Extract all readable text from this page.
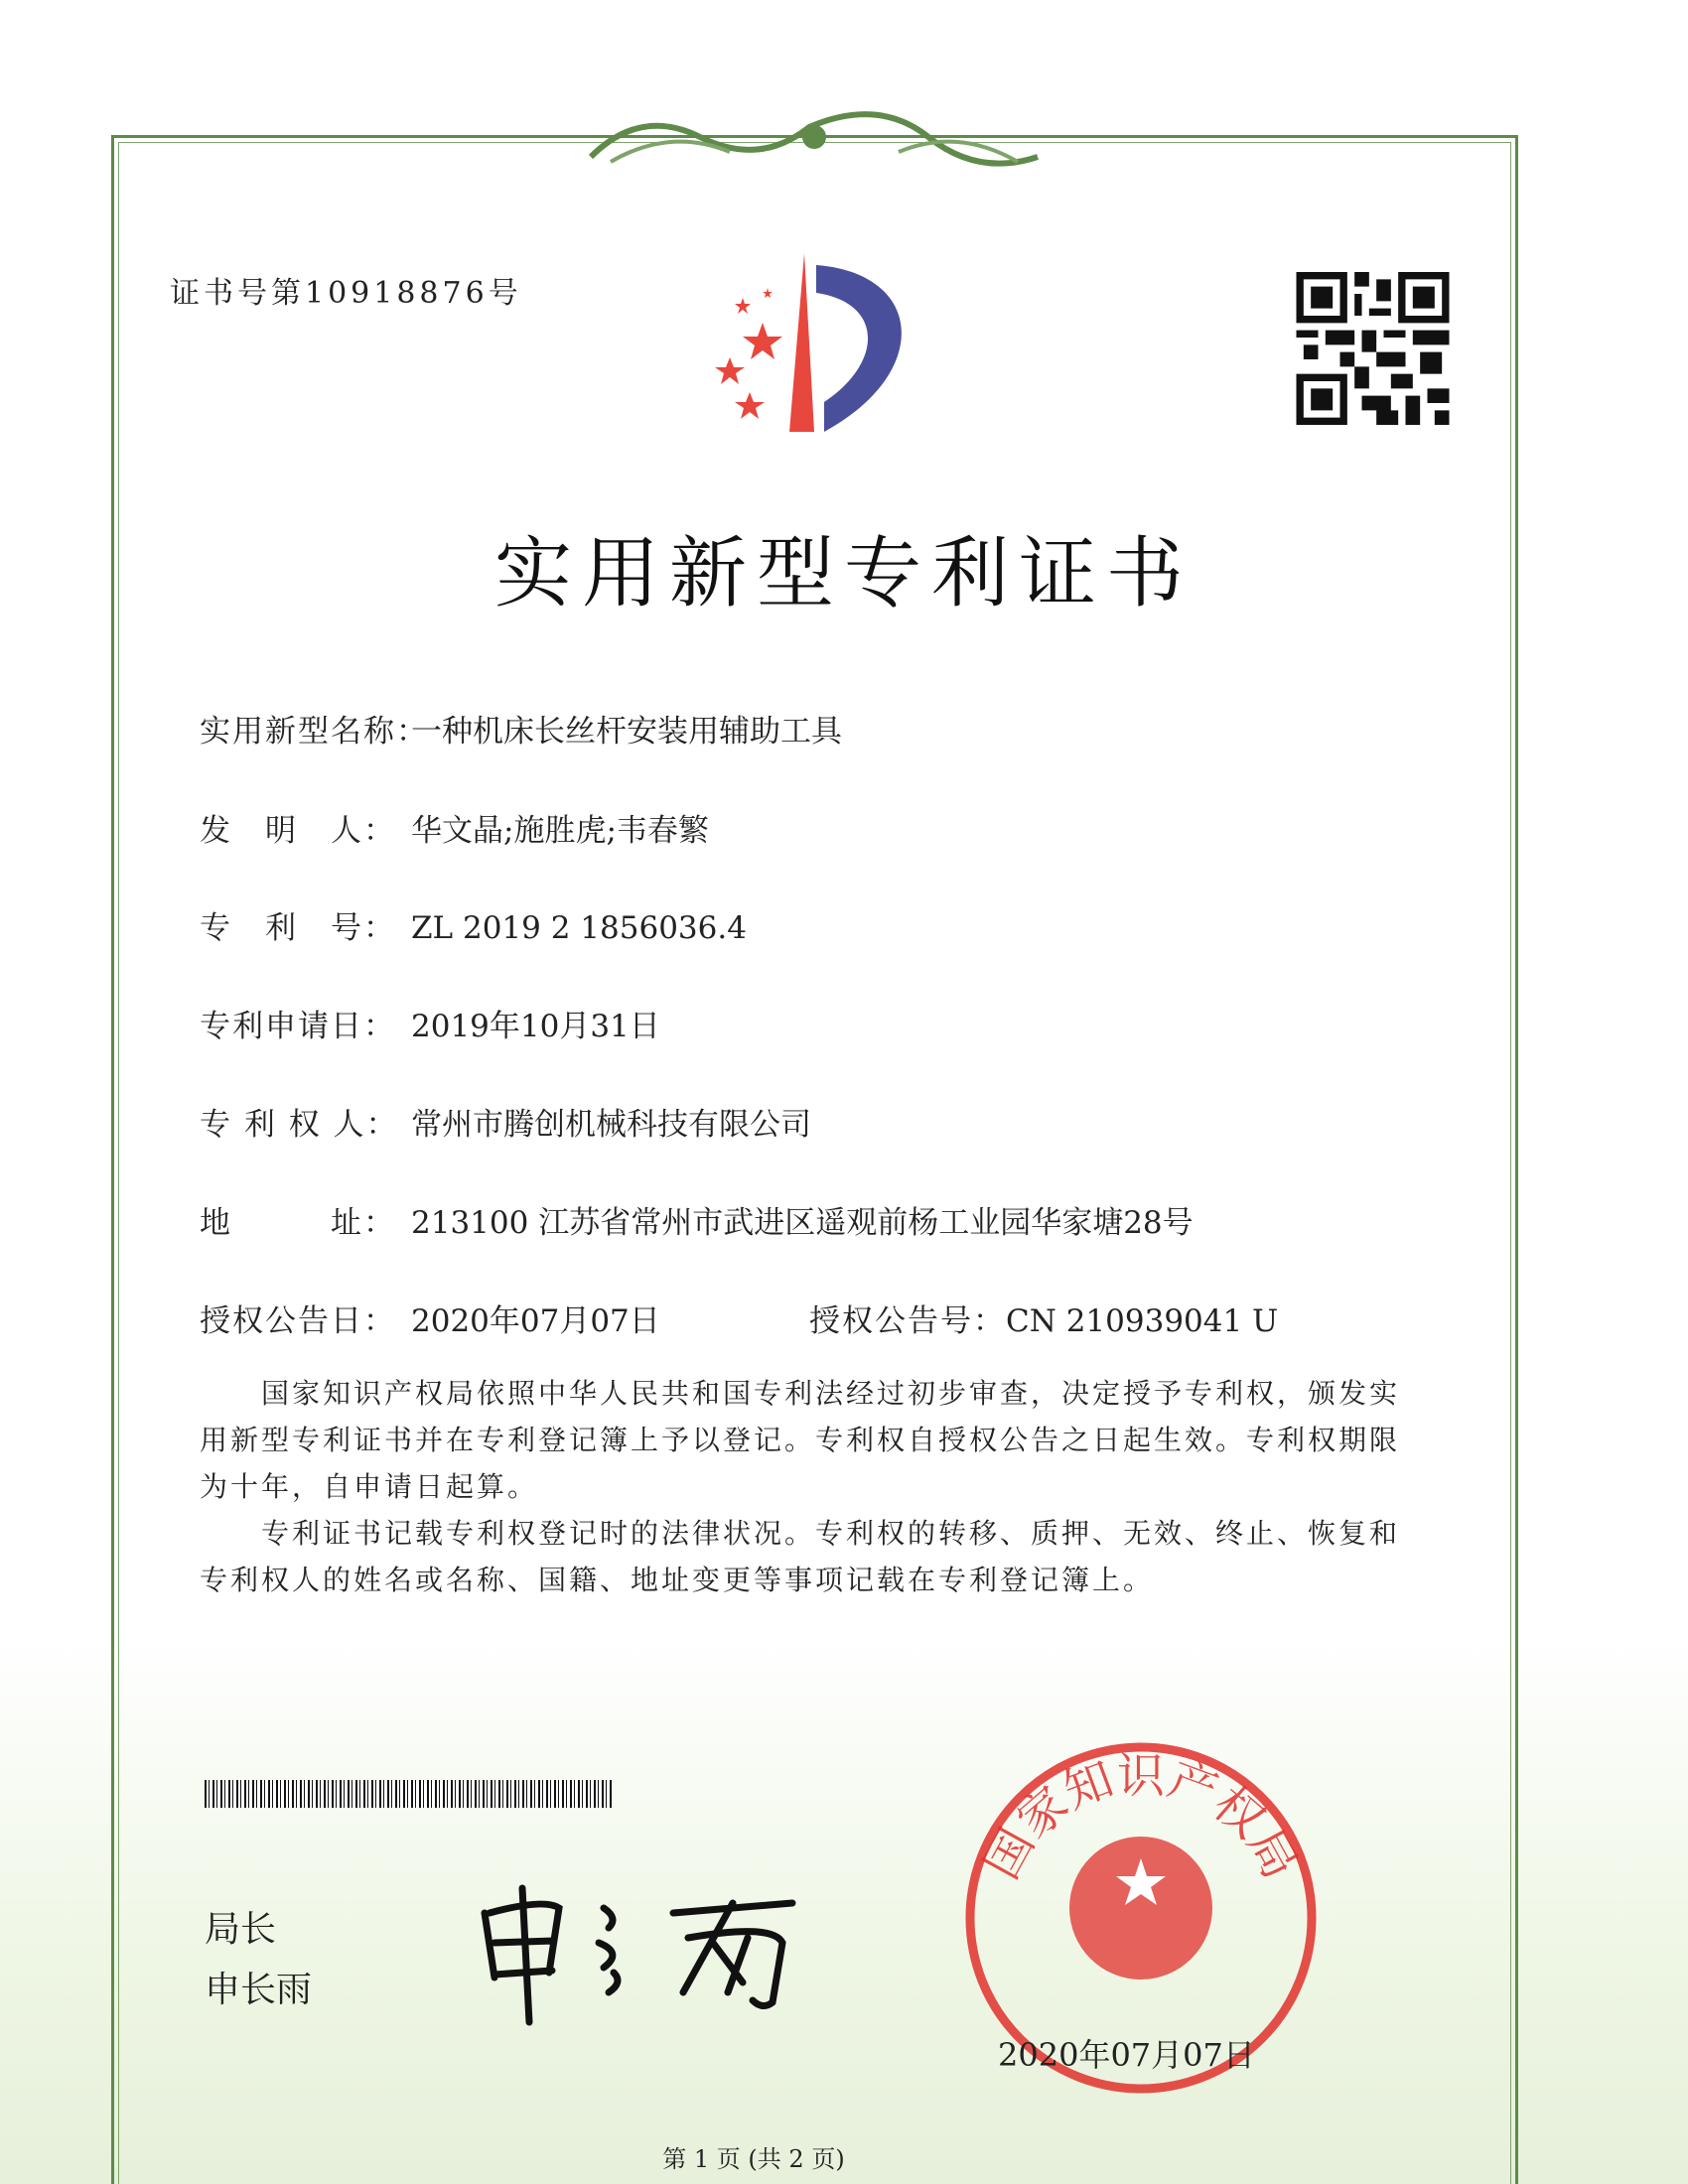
证书号第10918876号
实用新型专利证书
实用新型名称：一种机床长丝杆安装用辅助工具
发　明　人： 华文晶;施胜虎;韦春繁
专　利　号： ZL 2019 2 1856036.4
专利申请日： 2019年10月31日
专 利 权 人： 常州市腾创机械科技有限公司
地　　　址： 213100 江苏省常州市武进区遥观前杨工业园华家塘28号
授权公告日： 2020年07月07日	授权公告号：CN 210939041 U

国家知识产权局依照中华人民共和国专利法经过初步审查，决定授予专利权，颁发实用新型专利证书并在专利登记簿上予以登记。专利权自授权公告之日起生效。专利权期限为十年，自申请日起算。

专利证书记载专利权登记时的法律状况。专利权的转移、质押、无效、终止、恢复和专利权人的姓名或名称、国籍、地址变更等事项记载在专利登记簿上。

局长
申长雨
国家知识产权局
2020年07月07日
第 1 页 (共 2 页)
